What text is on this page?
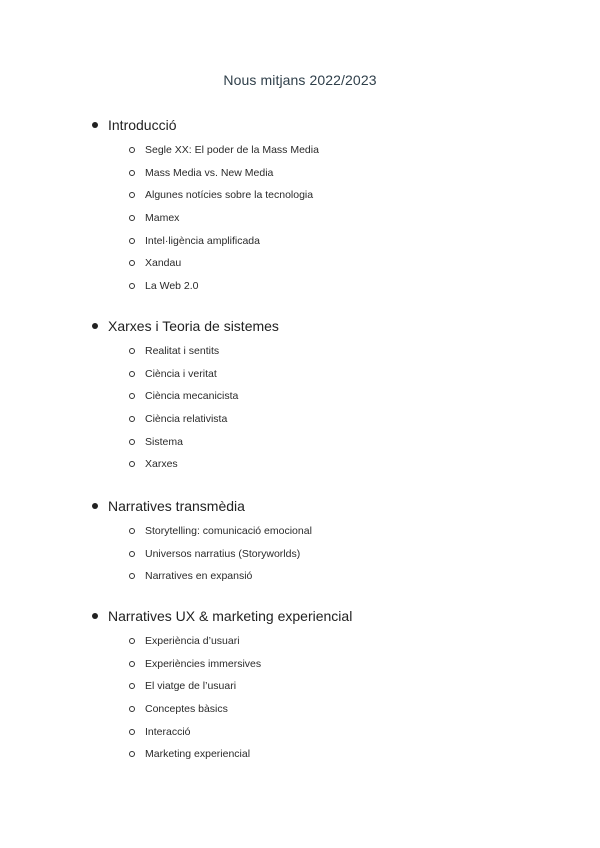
Nous mitjans 2022/2023
Introducció
Segle XX: El poder de la Mass Media
Mass Media vs. New Media
Algunes notícies sobre la tecnologia
Mamex
Intel·ligència amplificada
Xandau
La Web 2.0
Xarxes i Teoria de sistemes
Realitat i sentits
Ciència i veritat
Ciència mecanicista
Ciència relativista
Sistema
Xarxes
Narratives transmèdia
Storytelling: comunicació emocional
Universos narratius (Storyworlds)
Narratives en expansió
Narratives UX & marketing experiencial
Experiència d’usuari
Experiències immersives
El viatge de l’usuari
Conceptes bàsics
Interacció
Marketing experiencial
